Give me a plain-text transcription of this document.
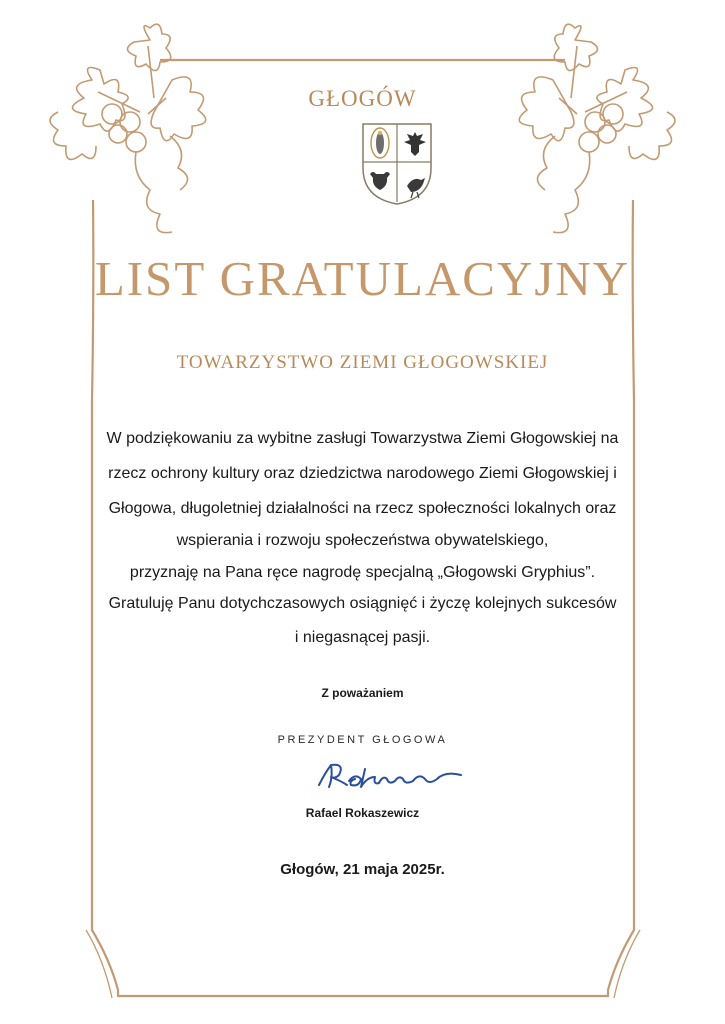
GŁOGÓW
LIST GRATULACYJNY
TOWARZYSTWO ZIEMI GŁOGOWSKIEJ
W podziękowaniu za wybitne zasługi Towarzystwa Ziemi Głogowskiej na
rzecz ochrony kultury oraz dziedzictwa narodowego Ziemi Głogowskiej i
Głogowa, długoletniej działalności na rzecz społeczności lokalnych oraz
wspierania i rozwoju społeczeństwa obywatelskiego,
przyznaję na Pana ręce nagrodę specjalną „Głogowski Gryphius”.
Gratuluję Panu dotychczasowych osiągnięć i życzę kolejnych sukcesów
i niegasnącej pasji.
Z poważaniem
PREZYDENT GŁOGOWA
Rafael Rokaszewicz
Głogów, 21 maja 2025r.
